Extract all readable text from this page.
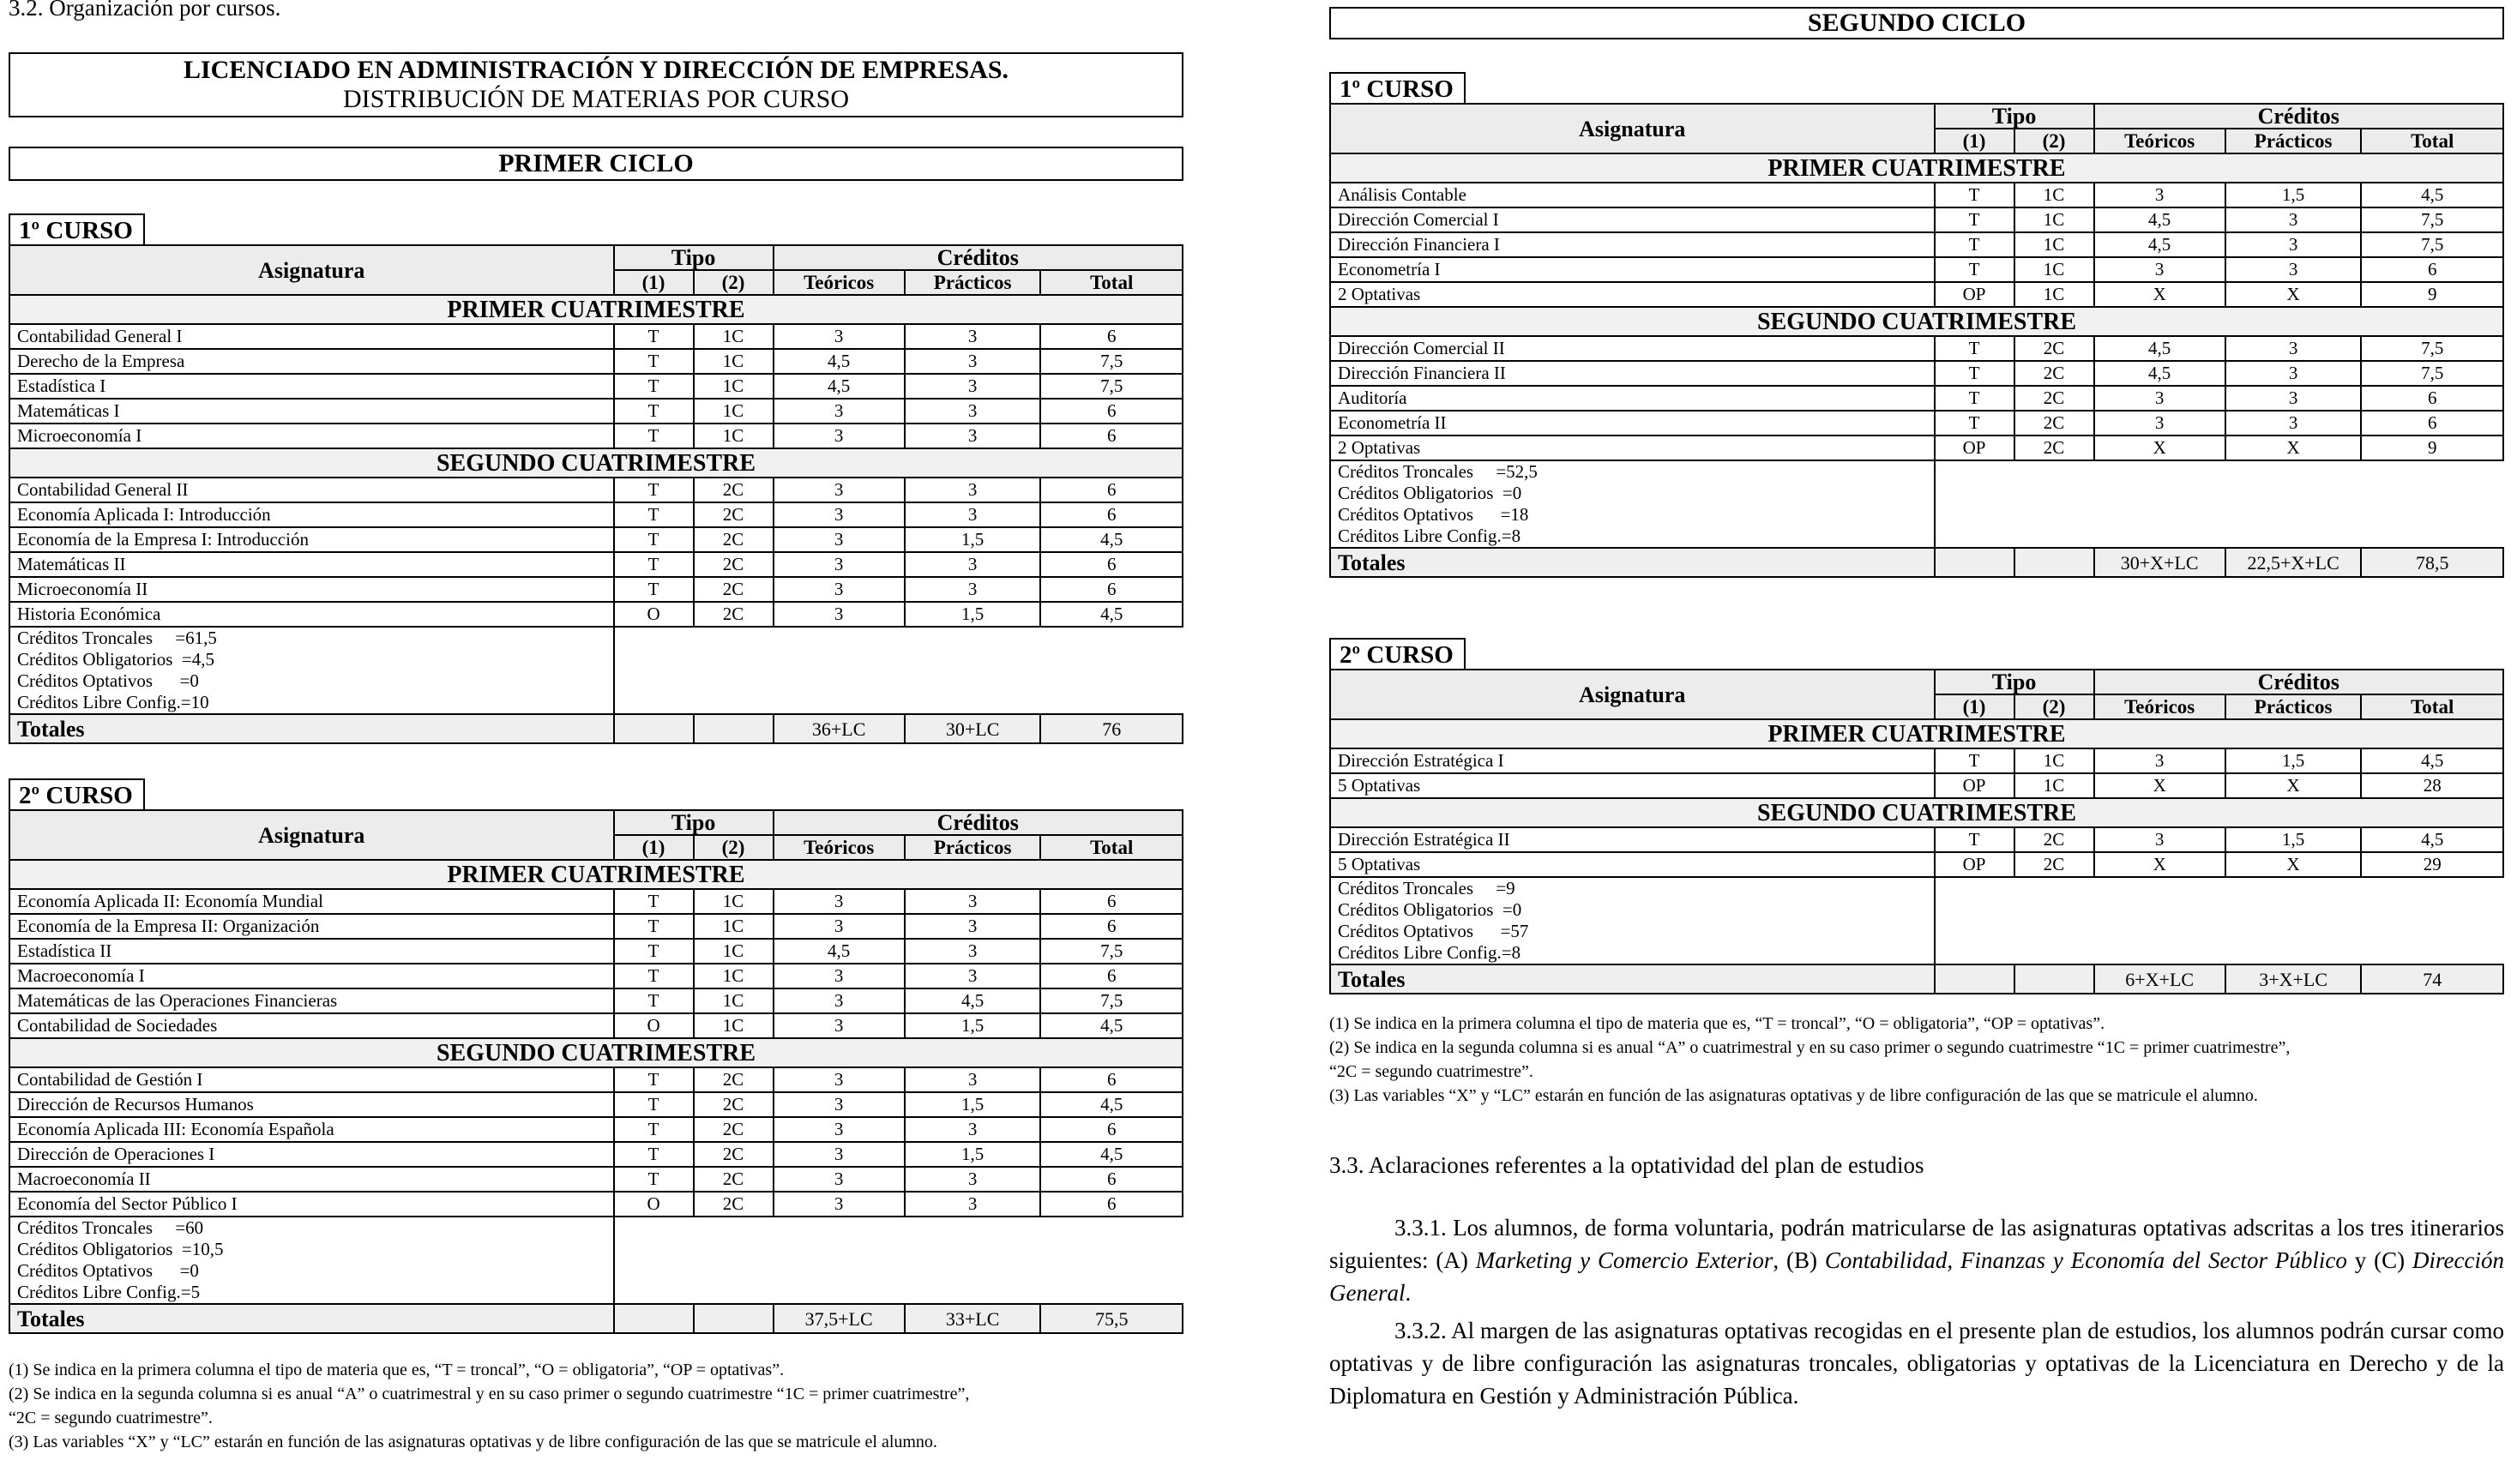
3.2. Organización por cursos.

LICENCIADO EN ADMINISTRACIÓN Y DIRECCIÓN DE EMPRESAS.
DISTRIBUCIÓN DE MATERIAS POR CURSO
PRIMER CICLO
1º CURSO
Asignatura	Tipo		Créditos		
	(1)	(2)	Teóricos	Prácticos	Total
PRIMER CUATRIMESTRE					
Contabilidad General I	T	1C	3	3	6
Derecho de la Empresa	T	1C	4,5	3	7,5
Estadística I	T	1C	4,5	3	7,5
Matemáticas I	T	1C	3	3	6
Microeconomía I	T	1C	3	3	6
SEGUNDO CUATRIMESTRE					
Contabilidad General II	T	2C	3	3	6
Economía Aplicada I: Introducción	T	2C	3	3	6
Economía de la Empresa I: Introducción	T	2C	3	1,5	4,5
Matemáticas II	T	2C	3	3	6
Microeconomía II	T	2C	3	3	6
Historia Económica	O	2C	3	1,5	4,5

Créditos Troncales     =61,5
Créditos Obligatorios  =4,5
Créditos Optativos      =0
Créditos Libre Config.=10					

Totales			36+LC	30+LC	76
2º CURSO
Asignatura	Tipo		Créditos		
	(1)	(2)	Teóricos	Prácticos	Total
PRIMER CUATRIMESTRE					
Economía Aplicada II: Economía Mundial	T	1C	3	3	6
Economía de la Empresa II: Organización	T	1C	3	3	6
Estadística II	T	1C	4,5	3	7,5
Macroeconomía I	T	1C	3	3	6
Matemáticas de las Operaciones Financieras	T	1C	3	4,5	7,5
Contabilidad de Sociedades	O	1C	3	1,5	4,5
SEGUNDO CUATRIMESTRE					
Contabilidad de Gestión I	T	2C	3	3	6
Dirección de Recursos Humanos	T	2C	3	1,5	4,5
Economía Aplicada III: Economía Española	T	2C	3	3	6
Dirección de Operaciones I	T	2C	3	1,5	4,5
Macroeconomía II	T	2C	3	3	6
Economía del Sector Público I	O	2C	3	3	6

Créditos Troncales     =60
Créditos Obligatorios  =10,5
Créditos Optativos      =0
Créditos Libre Config.=5					

Totales			37,5+LC	33+LC	75,5

(1) Se indica en la primera columna el tipo de materia que es, “T = troncal”, “O = obligatoria”, “OP = optativas”.

(2) Se indica en la segunda columna si es anual “A” o cuatrimestral y en su caso primer o segundo cuatrimestre “1C = primer cuatrimestre”,

“2C = segundo cuatrimestre”.

(3) Las variables “X” y “LC” estarán en función de las asignaturas optativas y de libre configuración de las que se matricule el alumno.

SEGUNDO CICLO
1º CURSO
Asignatura	Tipo		Créditos		
	(1)	(2)	Teóricos	Prácticos	Total
PRIMER CUATRIMESTRE					
Análisis Contable	T	1C	3	1,5	4,5
Dirección Comercial I	T	1C	4,5	3	7,5
Dirección Financiera I	T	1C	4,5	3	7,5
Econometría I	T	1C	3	3	6
2 Optativas	OP	1C	X	X	9
SEGUNDO CUATRIMESTRE					
Dirección Comercial II	T	2C	4,5	3	7,5
Dirección Financiera II	T	2C	4,5	3	7,5
Auditoría	T	2C	3	3	6
Econometría II	T	2C	3	3	6
2 Optativas	OP	2C	X	X	9

Créditos Troncales     =52,5
Créditos Obligatorios  =0
Créditos Optativos      =18
Créditos Libre Config.=8					

Totales			30+X+LC	22,5+X+LC	78,5
2º CURSO
Asignatura	Tipo		Créditos		
	(1)	(2)	Teóricos	Prácticos	Total
PRIMER CUATRIMESTRE					
Dirección Estratégica I	T	1C	3	1,5	4,5
5 Optativas	OP	1C	X	X	28
SEGUNDO CUATRIMESTRE					
Dirección Estratégica II	T	2C	3	1,5	4,5
5 Optativas	OP	2C	X	X	29

Créditos Troncales     =9
Créditos Obligatorios  =0
Créditos Optativos      =57
Créditos Libre Config.=8					

Totales			6+X+LC	3+X+LC	74

(1) Se indica en la primera columna el tipo de materia que es, “T = troncal”, “O = obligatoria”, “OP = optativas”.

(2) Se indica en la segunda columna si es anual “A” o cuatrimestral y en su caso primer o segundo cuatrimestre “1C = primer cuatrimestre”,

“2C = segundo cuatrimestre”.

(3) Las variables “X” y “LC” estarán en función de las asignaturas optativas y de libre configuración de las que se matricule el alumno.

3.3. Aclaraciones referentes a la optatividad del plan de estudios

3.3.1. Los alumnos, de forma voluntaria, podrán matricularse de las asignaturas optativas adscritas a los tres itinerarios siguientes: (A) Marketing y Comercio Exterior, (B) Contabilidad, Finanzas y Economía del Sector Público y (C) Dirección General.

3.3.2. Al margen de las asignaturas optativas recogidas en el presente plan de estudios, los alumnos podrán cursar como optativas y de libre configuración las asignaturas troncales, obligatorias y optativas de la Licenciatura en Derecho y de la Diplomatura en Gestión y Administración Pública.
